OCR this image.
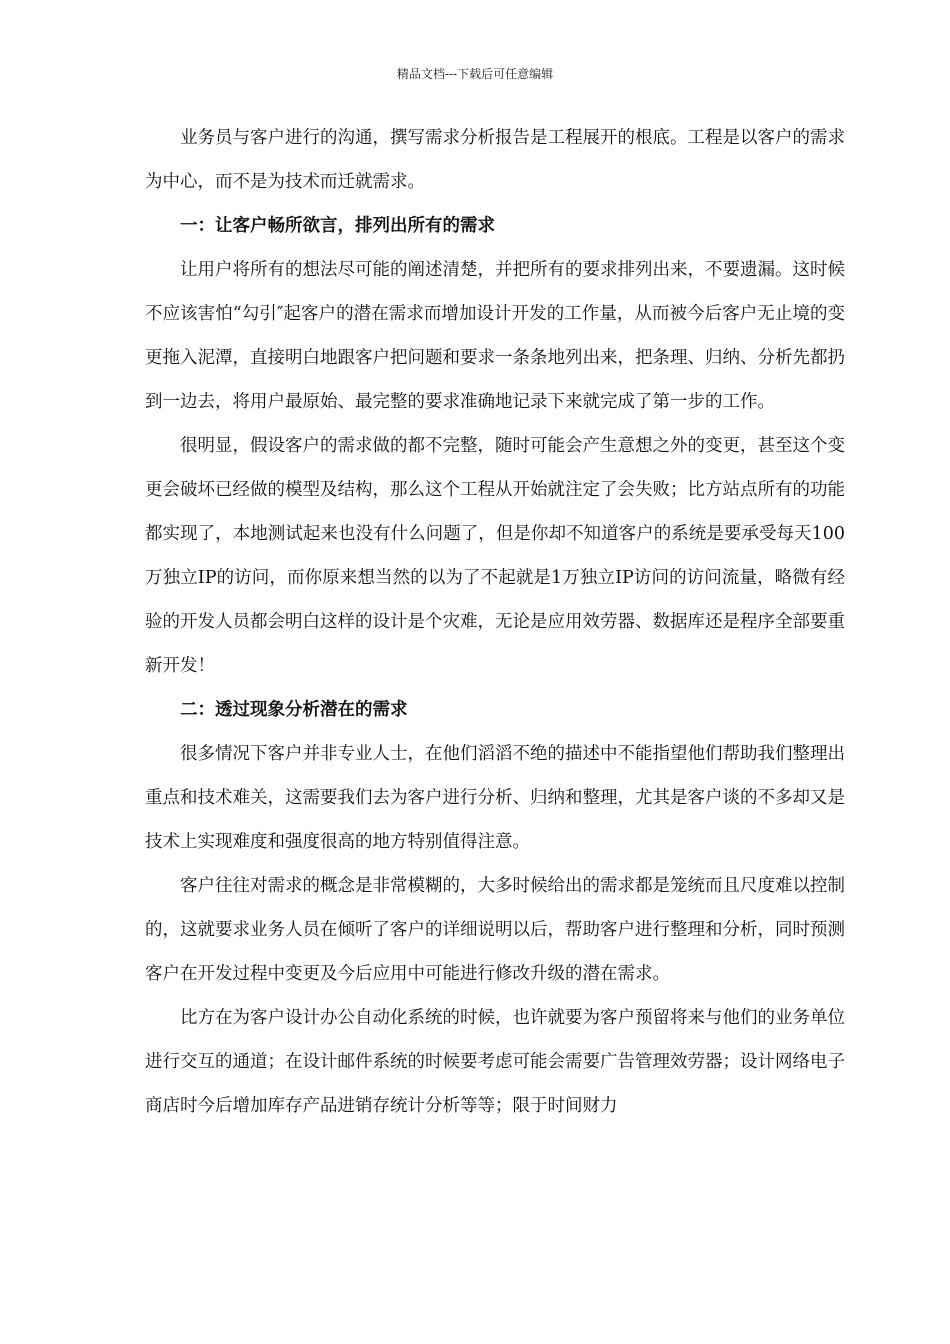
精品文档---下载后可任意编辑

业务员与客户进行的沟通，撰写需求分析报告是工程展开的根底。工程是以客户的需求为中心，而不是为技术而迁就需求。

一：让客户畅所欲言，排列出所有的需求

让用户将所有的想法尽可能的阐述清楚，并把所有的要求排列出来，不要遗漏。这时候不应该害怕“勾引″起客户的潜在需求而增加设计开发的工作量，从而被今后客户无止境的变更拖入泥潭，直接明白地跟客户把问题和要求一条条地列出来，把条理、归纳、分析先都扔到一边去，将用户最原始、最完整的要求准确地记录下来就完成了第一步的工作。

很明显，假设客户的需求做的都不完整，随时可能会产生意想之外的变更，甚至这个变更会破坏已经做的模型及结构，那么这个工程从开始就注定了会失败；比方站点所有的功能都实现了，本地测试起来也没有什么问题了，但是你却不知道客户的系统是要承受每天100万独立IP的访问，而你原来想当然的以为了不起就是1万独立IP访问的访问流量，略微有经验的开发人员都会明白这样的设计是个灾难，无论是应用效劳器、数据库还是程序全部要重新开发！

二：透过现象分析潜在的需求

很多情况下客户并非专业人士，在他们滔滔不绝的描述中不能指望他们帮助我们整理出重点和技术难关，这需要我们去为客户进行分析、归纳和整理，尤其是客户谈的不多却又是技术上实现难度和强度很高的地方特别值得注意。

客户往往对需求的概念是非常模糊的，大多时候给出的需求都是笼统而且尺度难以控制的，这就要求业务人员在倾听了客户的详细说明以后，帮助客户进行整理和分析，同时预测客户在开发过程中变更及今后应用中可能进行修改升级的潜在需求。

比方在为客户设计办公自动化系统的时候，也许就要为客户预留将来与他们的业务单位进行交互的通道；在设计邮件系统的时候要考虑可能会需要广告管理效劳器；设计网络电子商店时今后增加库存产品进销存统计分析等等；限于时间财力
